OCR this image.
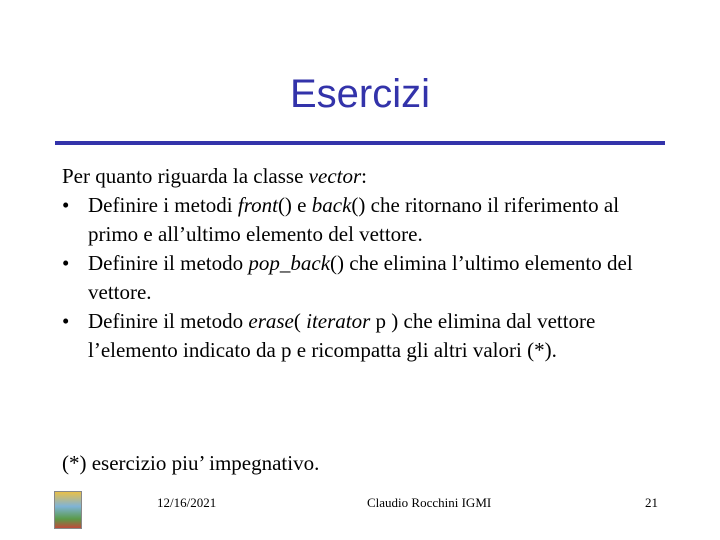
Esercizi

Per quanto riguarda la classe vector:

• Definire i metodi front() e back() che ritornano il riferimento al primo e all’ultimo elemento del vettore.
• Definire il metodo pop_back() che elimina l’ultimo elemento del vettore.
• Definire il metodo erase( iterator p ) che elimina dal vettore l’elemento indicato da p e ricompatta gli altri valori (*).
(*) esercizio piu’ impegnativo.
12/16/2021	Claudio Rocchini IGMI	21
